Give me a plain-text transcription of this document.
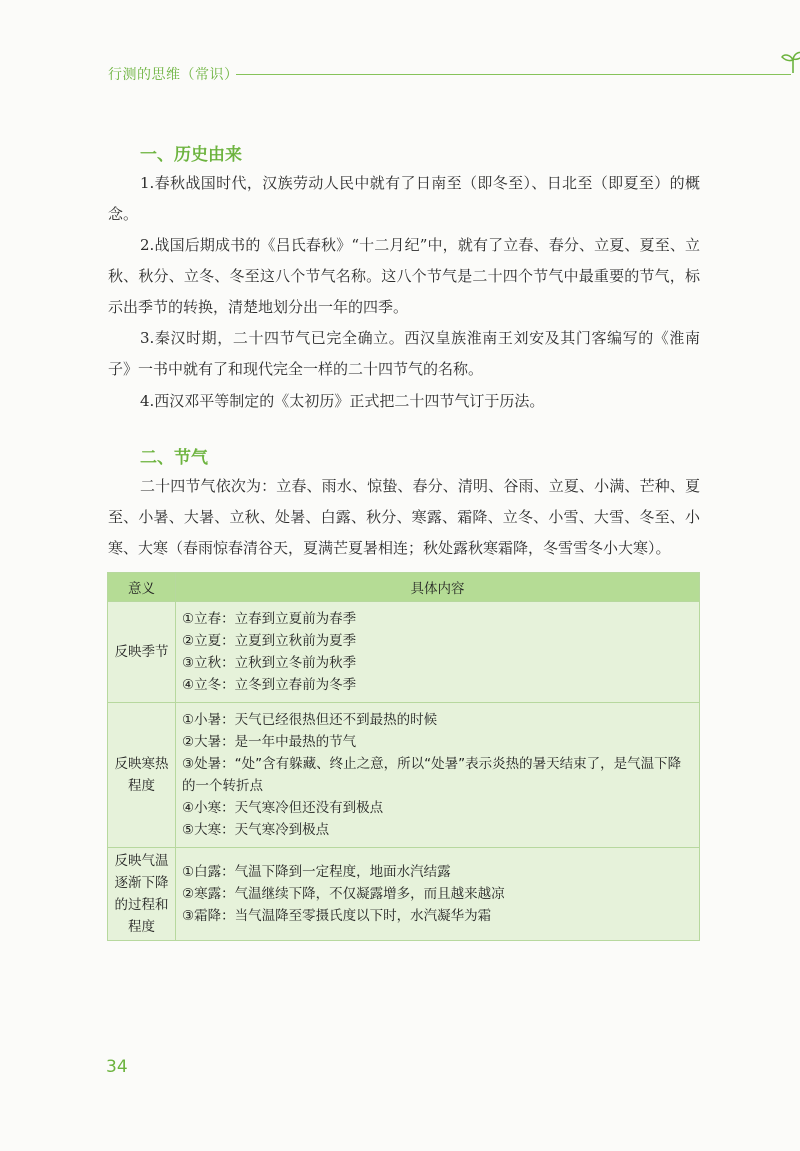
行测的思维（常识）
一、历史由来

1.春秋战国时代，汉族劳动人民中就有了日南至（即冬至）、日北至（即夏至）的概念。

2.战国后期成书的《吕氏春秋》“十二月纪”中，就有了立春、春分、立夏、夏至、立秋、秋分、立冬、冬至这八个节气名称。这八个节气是二十四个节气中最重要的节气，标示出季节的转换，清楚地划分出一年的四季。

3.秦汉时期，二十四节气已完全确立。西汉皇族淮南王刘安及其门客编写的《淮南子》一书中就有了和现代完全一样的二十四节气的名称。

4.西汉邓平等制定的《太初历》正式把二十四节气订于历法。

二、节气

二十四节气依次为：立春、雨水、惊蛰、春分、清明、谷雨、立夏、小满、芒种、夏至、小暑、大暑、立秋、处暑、白露、秋分、寒露、霜降、立冬、小雪、大雪、冬至、小寒、大寒（春雨惊春清谷天，夏满芒夏暑相连；秋处露秋寒霜降，冬雪雪冬小大寒）。

意义	具体内容
反映季节	①立春：立春到立夏前为春季
②立夏：立夏到立秋前为夏季
③立秋：立秋到立冬前为秋季
④立冬：立冬到立春前为冬季

反映寒热程度	①小暑：天气已经很热但还不到最热的时候
②大暑：是一年中最热的节气
③处暑：“处”含有躲藏、终止之意，所以“处暑”表示炎热的暑天结束了，是气温下降的一个转折点
④小寒：天气寒冷但还没有到极点
⑤大寒：天气寒冷到极点

反映气温逐渐下降的过程和程度	①白露：气温下降到一定程度，地面水汽结露
②寒露：气温继续下降，不仅凝露增多，而且越来越凉
③霜降：当气温降至零摄氏度以下时，水汽凝华为霜
34
